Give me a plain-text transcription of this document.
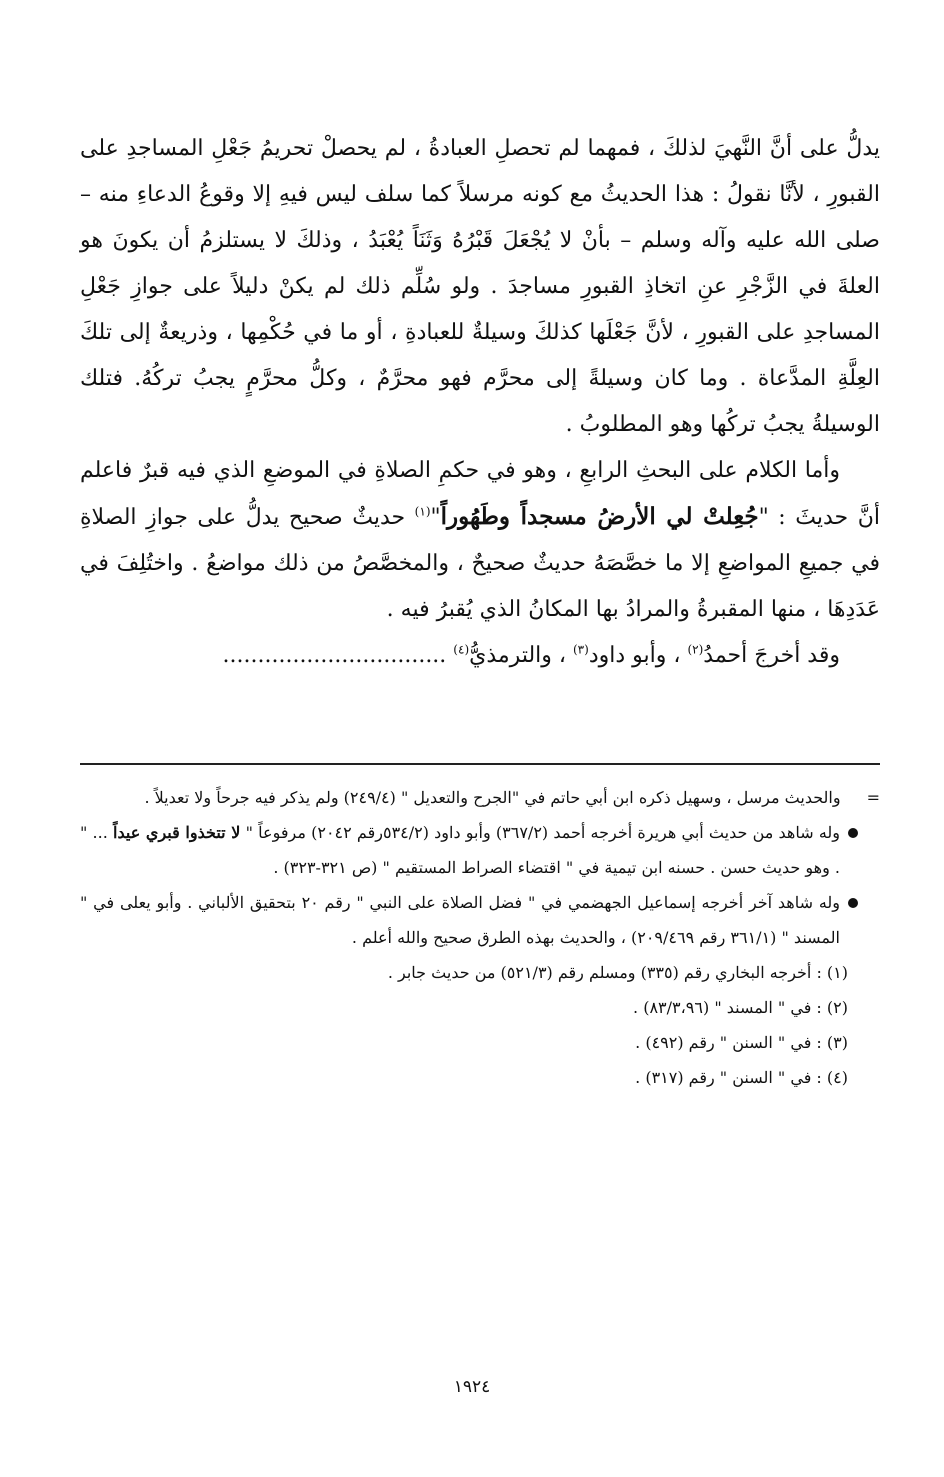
يدلُّ على أنَّ النَّهيَ لذلكَ ، فمهما لم تحصلِ العبادةُ ، لم يحصلْ تحريمُ جَعْلِ المساجدِ على القبورِ ، لأنَّا نقولُ : هذا الحديثُ مع كونه مرسلاً كما سلف ليس فيهِ إلا وقوعُ الدعاءِ منه – صلى الله عليه وآله وسلم – بأنْ لا يُجْعَلَ قَبْرُهُ وَثَنَاً يُعْبَدُ ، وذلكَ لا يستلزمُ أن يكونَ هو العلةَ في الزَّجْرِ عنِ اتخاذِ القبورِ مساجدَ . ولو سُلِّم ذلك لم يكنْ دليلاً على جوازِ جَعْلِ المساجدِ على القبورِ ، لأنَّ جَعْلَها كذلكَ وسيلةٌ للعبادةِ ، أو ما في حُكْمِها ، وذريعةٌ إلى تلكَ العِلَّةِ المدَّعاة . وما كان وسيلةً إلى محرَّم فهو محرَّمٌ ، وكلُّ محرَّمٍ يجبُ تركُهُ. فتلك الوسيلةُ يجبُ تركُها وهو المطلوبُ .

وأما الكلام على البحثِ الرابعِ ، وهو في حكمِ الصلاةِ في الموضعِ الذي فيه قبرٌ فاعلم أنَّ حديثَ : "جُعِلتْ لي الأرضُ مسجداً وطَهُوراً"$^{(١)}$ حديثٌ صحيح يدلُّ على جوازِ الصلاةِ في جميعِ المواضعِ إلا ما خصَّصَهُ حديثٌ صحيحٌ ، والمخصَّصُ من ذلك مواضعُ . واختُلِفَ في عَدَدِهَا ، منها المقبرةُ والمرادُ بها المكانُ الذي يُقبرُ فيه .

وقد أخرجَ أحمدُ$^{(٢)}$ ، وأبو داود$^{(٣)}$ ، والترمذيُّ$^{(٤)}$ ................................

=والحديث مرسل ، وسهيل ذكره ابن أبي حاتم في "الجرح والتعديل " (٢٤٩/٤) ولم يذكر فيه جرحاً ولا تعديلاً .

وله شاهد من حديث أبي هريرة أخرجه أحمد (٣٦٧/٢) وأبو داود (٥٣٤/٢رقم ٢٠٤٢) مرفوعاً " لا تتخذوا قبري عيداً ... " . وهو حديث حسن . حسنه ابن تيمية في " اقتضاء الصراط المستقيم " (ص ٣٢١-٣٢٣) .

وله شاهد آخر أخرجه إسماعيل الجهضمي في " فضل الصلاة على النبي " رقم ٢٠ بتحقيق الألباني . وأبو يعلى في " المسند " (٣٦١/١ رقم ٢٠٩/٤٦٩) ، والحديث بهذه الطرق صحيح والله أعلم .

(١) : أخرجه البخاري رقم (٣٣٥) ومسلم رقم (٥٢١/٣) من حديث جابر .

(٢) : في " المسند " (٨٣/٣،٩٦) .

(٣) : في " السنن " رقم (٤٩٢) .

(٤) : في " السنن " رقم (٣١٧) .

١٩٢٤
